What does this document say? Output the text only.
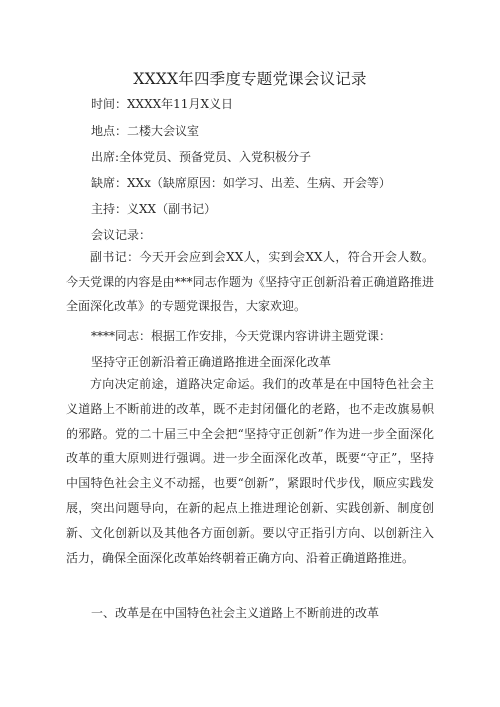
XXXX年四季度专题党课会议记录
时间：XXXX年11月X义日
地点：二楼大会议室
出席:全体党员、预备党员、入党积极分子
缺席：XXx（缺席原因：如学习、出差、生病、开会等）
主持：义XX（副书记）
会议记录：
副书记：今天开会应到会XX人，实到会XX人，符合开会人数。今天党课的内容是由***同志作题为《坚持守正创新沿着正确道路推进全面深化改革》的专题党课报告，大家欢迎。
****同志：根据工作安排，今天党课内容讲讲主题党课：
坚持守正创新沿着正确道路推进全面深化改革
方向决定前途，道路决定命运。我们的改革是在中国特色社会主义道路上不断前进的改革，既不走封闭僵化的老路，也不走改旗易帜的邪路。党的二十届三中全会把“坚持守正创新”作为进一步全面深化改革的重大原则进行强调。进一步全面深化改革，既要“守正”，坚持中国特色社会主义不动摇，也要“创新”，紧跟时代步伐，顺应实践发展，突出问题导向，在新的起点上推进理论创新、实践创新、制度创新、文化创新以及其他各方面创新。要以守正指引方向、以创新注入活力，确保全面深化改革始终朝着正确方向、沿着正确道路推进。
一、改革是在中国特色社会主义道路上不断前进的改革
